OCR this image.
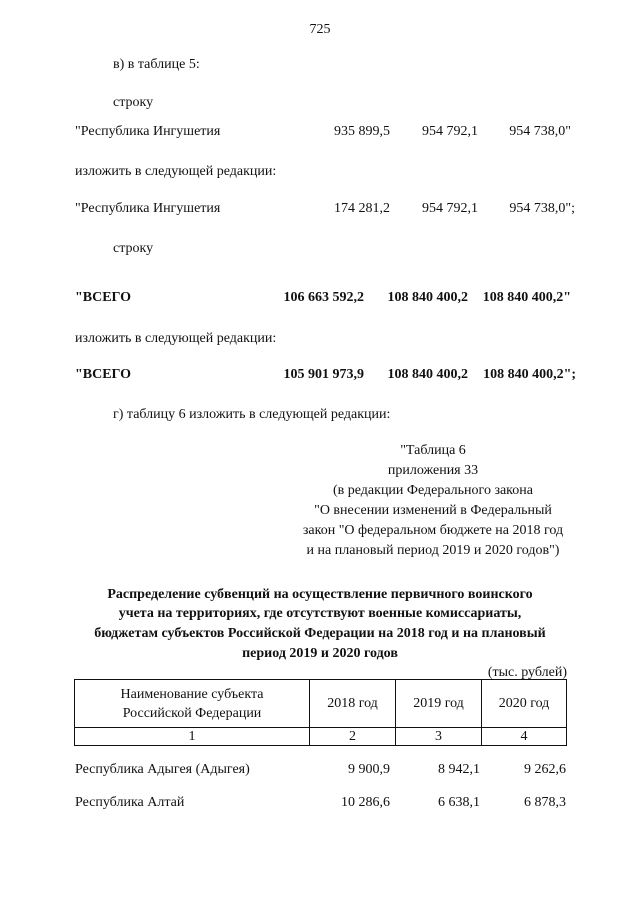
725
в) в таблице 5:
строку
"Республика Ингушетия	935 899,5	954 792,1	954 738,0"
изложить в следующей редакции:
"Республика Ингушетия	174 281,2	954 792,1	954 738,0";
строку
"ВСЕГО	106 663 592,2	108 840 400,2	108 840 400,2"
изложить в следующей редакции:
"ВСЕГО	105 901 973,9	108 840 400,2	108 840 400,2";
г) таблицу 6 изложить в следующей редакции:
"Таблица 6
приложения 33
(в редакции Федерального закона
"О внесении изменений в Федеральный
закон "О федеральном бюджете на 2018 год
и на плановый период 2019 и 2020 годов")
Распределение субвенций на осуществление первичного воинского
учета на территориях, где отсутствуют военные комиссариаты,
бюджетам субъектов Российской Федерации на 2018 год и на плановый
период 2019 и 2020 годов
(тыс. рублей)
Наименование субъекта
Российской Федерации	2018 год	2019 год	2020 год
1	2	3	4
Республика Адыгея (Адыгея)	9 900,9	8 942,1	9 262,6
Республика Алтай	10 286,6	6 638,1	6 878,3
